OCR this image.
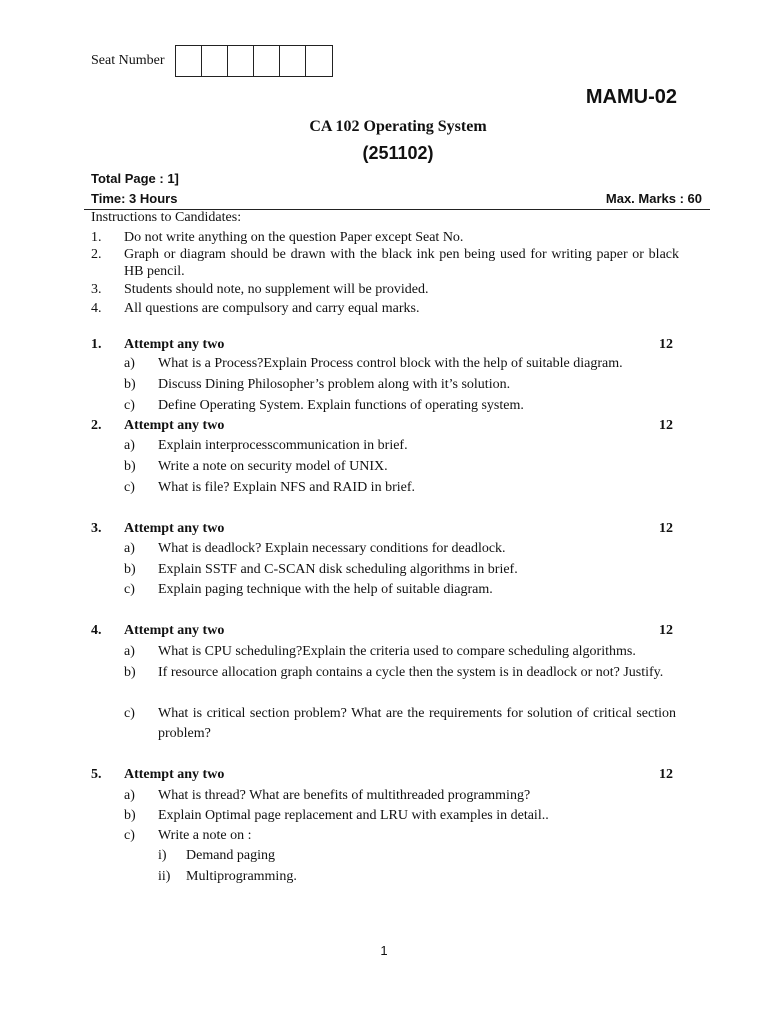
Seat Number
MAMU-02
CA 102 Operating System
(251102)
Total Page : 1]
Time: 3 Hours	Max. Marks : 60
Instructions to Candidates:
1. Do not write anything on the question Paper except Seat No.
2. Graph or diagram should be drawn with the black ink pen being used for writing paper or black HB pencil.
3. Students should note, no supplement will be provided.
4. All questions are compulsory and carry equal marks.
1. Attempt any two	12
a) What is a Process?Explain Process control block with the help of suitable diagram.
b) Discuss Dining Philosopher’s problem along with it’s solution.
c) Define Operating System. Explain functions of operating system.
2. Attempt any two	12
a) Explain interprocesscommunication in brief.
b) Write a note on security model of UNIX.
c) What is file? Explain NFS and RAID in brief.
3. Attempt any two	12
a) What is deadlock? Explain necessary conditions for deadlock.
b) Explain SSTF and C-SCAN disk scheduling algorithms in brief.
c) Explain paging technique with the help of suitable diagram.
4. Attempt any two	12
a) What is CPU scheduling?Explain the criteria used to compare scheduling algorithms.
b) If resource allocation graph contains a cycle then the system is in deadlock or not? Justify.
c) What is critical section problem? What are the requirements for solution of critical section problem?
5. Attempt any two	12
a) What is thread? What are benefits of multithreaded programming?
b) Explain Optimal page replacement and LRU with examples in detail..
c) Write a note on :
i) Demand paging
ii) Multiprogramming.
1
